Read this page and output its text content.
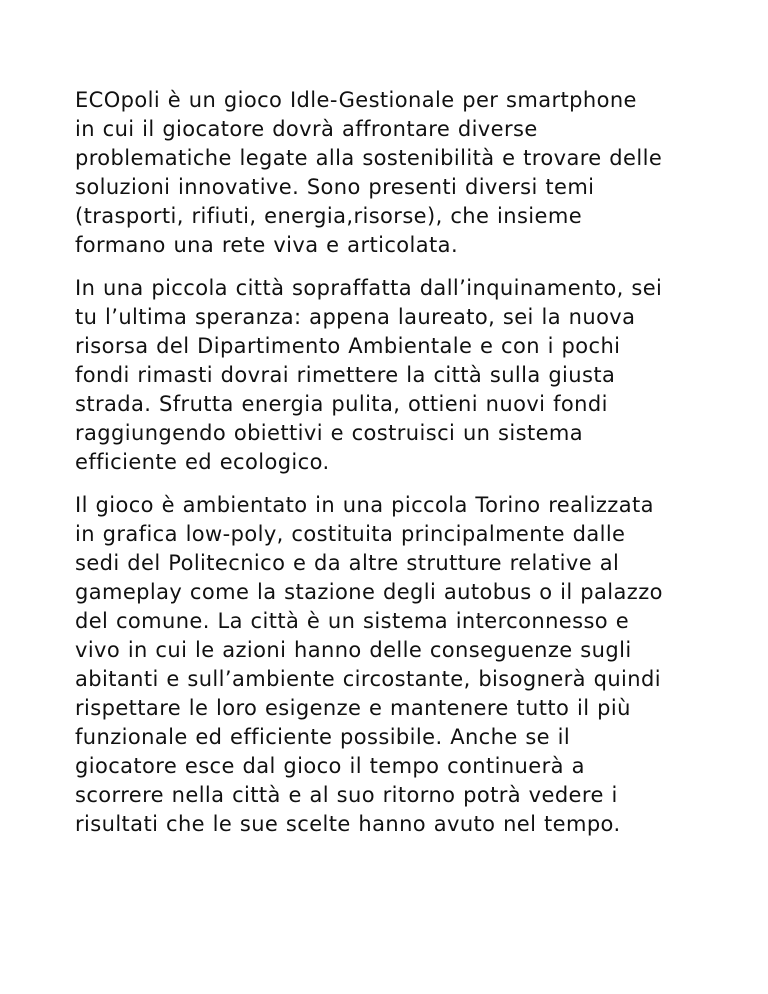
ECOpoli è un gioco Idle-Gestionale per smartphone
in cui il giocatore dovrà affrontare diverse
problematiche legate alla sostenibilità e trovare delle
soluzioni innovative. Sono presenti diversi temi
(trasporti, rifiuti, energia,risorse), che insieme
formano una rete viva e articolata.

In una piccola città sopraffatta dall’inquinamento, sei
tu l’ultima speranza: appena laureato, sei la nuova
risorsa del Dipartimento Ambientale e con i pochi
fondi rimasti dovrai rimettere la città sulla giusta
strada. Sfrutta energia pulita, ottieni nuovi fondi
raggiungendo obiettivi e costruisci un sistema
efficiente ed ecologico.

Il gioco è ambientato in una piccola Torino realizzata
in grafica low-poly, costituita principalmente dalle
sedi del Politecnico e da altre strutture relative al
gameplay come la stazione degli autobus o il palazzo
del comune. La città è un sistema interconnesso e
vivo in cui le azioni hanno delle conseguenze sugli
abitanti e sull’ambiente circostante, bisognerà quindi
rispettare le loro esigenze e mantenere tutto il più
funzionale ed efficiente possibile. Anche se il
giocatore esce dal gioco il tempo continuerà a
scorrere nella città e al suo ritorno potrà vedere i
risultati che le sue scelte hanno avuto nel tempo.
